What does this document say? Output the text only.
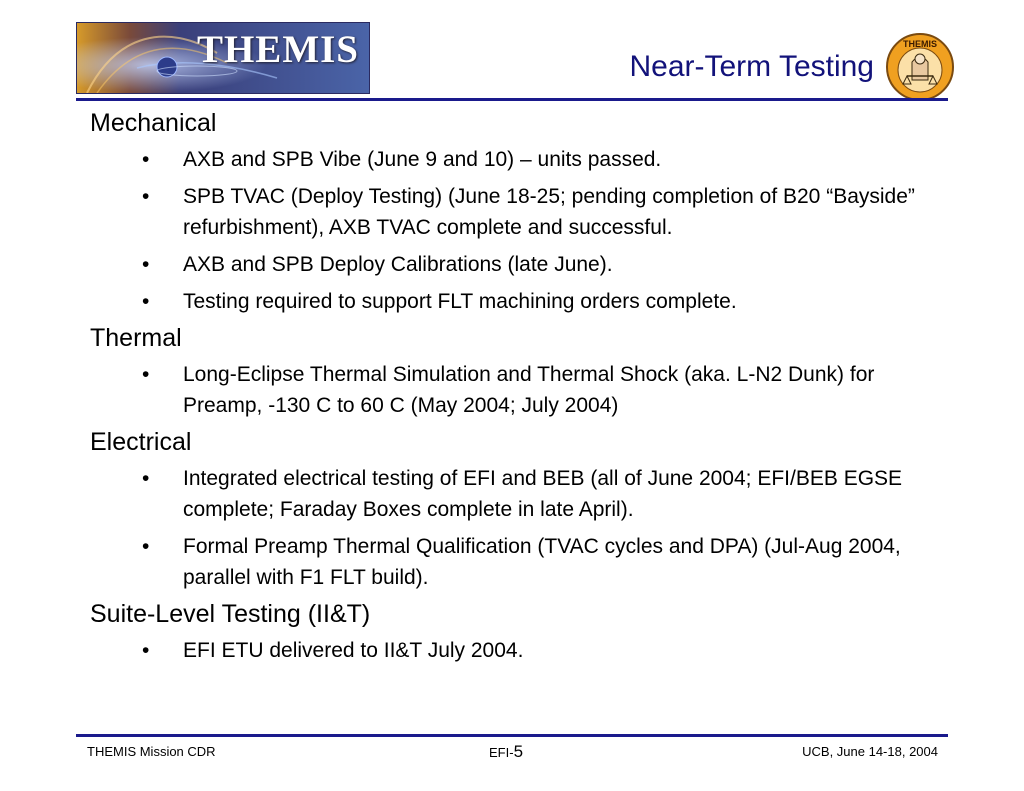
THEMIS	Near-Term Testing
THEMIS
Mechanical
• AXB and SPB Vibe (June 9 and 10) – units passed.
• SPB TVAC (Deploy Testing) (June 18-25; pending completion of B20 “Bayside” refurbishment), AXB TVAC complete and successful.
• AXB and SPB Deploy Calibrations (late June).
• Testing required to support FLT machining orders complete.
Thermal
• Long-Eclipse Thermal Simulation and Thermal Shock (aka. L-N2 Dunk) for Preamp, -130 C to 60 C (May 2004; July 2004)
Electrical
• Integrated electrical testing of EFI and BEB (all of June 2004; EFI/BEB EGSE complete; Faraday Boxes complete in late April).
• Formal Preamp Thermal Qualification (TVAC cycles and DPA) (Jul-Aug 2004, parallel with F1 FLT build).
Suite-Level Testing (II&T)
• EFI ETU delivered to II&T July 2004.
THEMIS Mission CDR	EFI-5	UCB, June 14-18, 2004
